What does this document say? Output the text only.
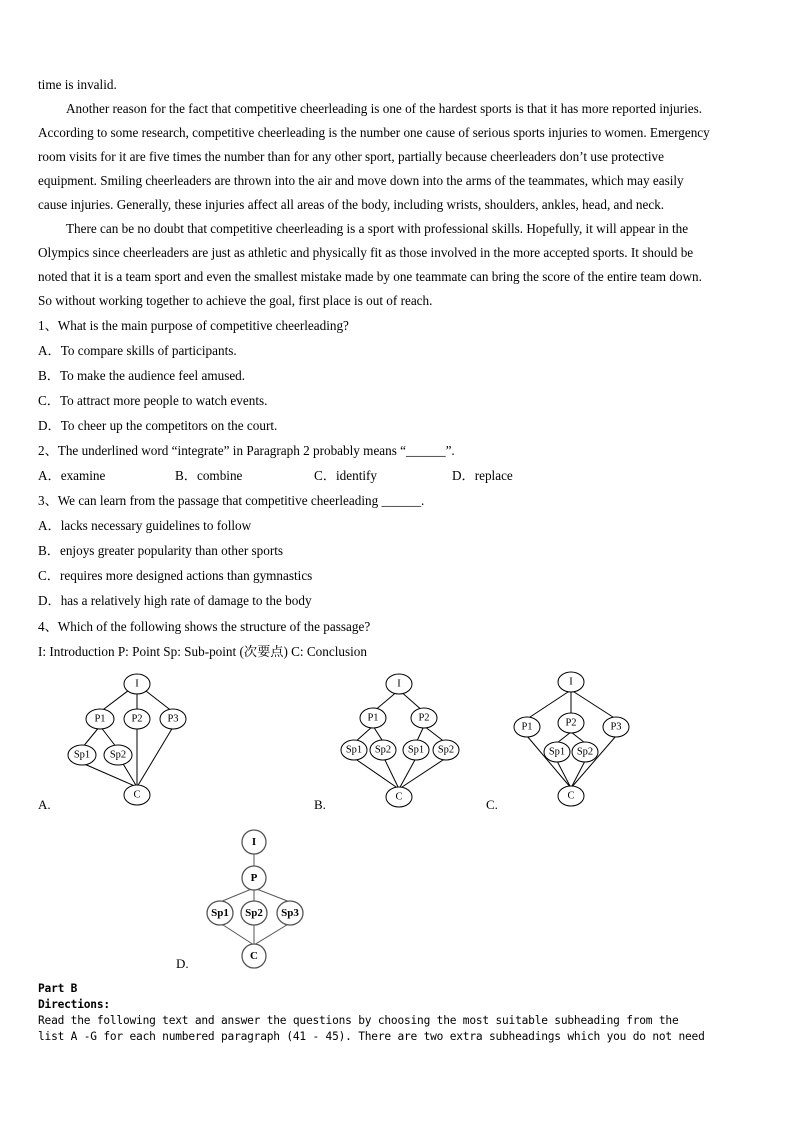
time is invalid.
Another reason for the fact that competitive cheerleading is one of the hardest sports is that it has more reported injuries.
According to some research, competitive cheerleading is the number one cause of serious sports injuries to women. Emergency
room visits for it are five times the number than for any other sport, partially because cheerleaders don’t use protective
equipment. Smiling cheerleaders are thrown into the air and move down into the arms of the teammates, which may easily
cause injuries. Generally, these injuries affect all areas of the body, including wrists, shoulders, ankles, head, and neck.
There can be no doubt that competitive cheerleading is a sport with professional skills. Hopefully, it will appear in the
Olympics since cheerleaders are just as athletic and physically fit as those involved in the more accepted sports. It should be
noted that it is a team sport and even the smallest mistake made by one teammate can bring the score of the entire team down.
So without working together to achieve the goal, first place is out of reach.
1、What is the main purpose of competitive cheerleading?
A．To compare skills of participants.
B．To make the audience feel amused.
C．To attract more people to watch events.
D．To cheer up the competitors on the court.
2、The underlined word “integrate” in Paragraph 2 probably means “______”.
A．examine	B．combine	C．identify	D．replace
3、We can learn from the passage that competitive cheerleading ______.
A．lacks necessary guidelines to follow
B．enjoys greater popularity than other sports
C．requires more designed actions than gymnastics
D．has a relatively high rate of damage to the body
4、Which of the following shows the structure of the passage?
I: Introduction P: Point Sp: Sub-point (次要点) C: Conclusion
I
P1 P2 P3
Sp1 Sp2
C
A.
I
P1	P2
Sp1 Sp2 Sp1 Sp2
C
B.
I
P1	P2	P3
Sp1 Sp2
C
C.
I
P
Sp1 Sp2 Sp3
C
D.
Part B
Directions:
Read the following text and answer the questions by choosing the most suitable subheading from the
list A -G for each numbered paragraph (41 - 45). There are two extra subheadings which you do not need
